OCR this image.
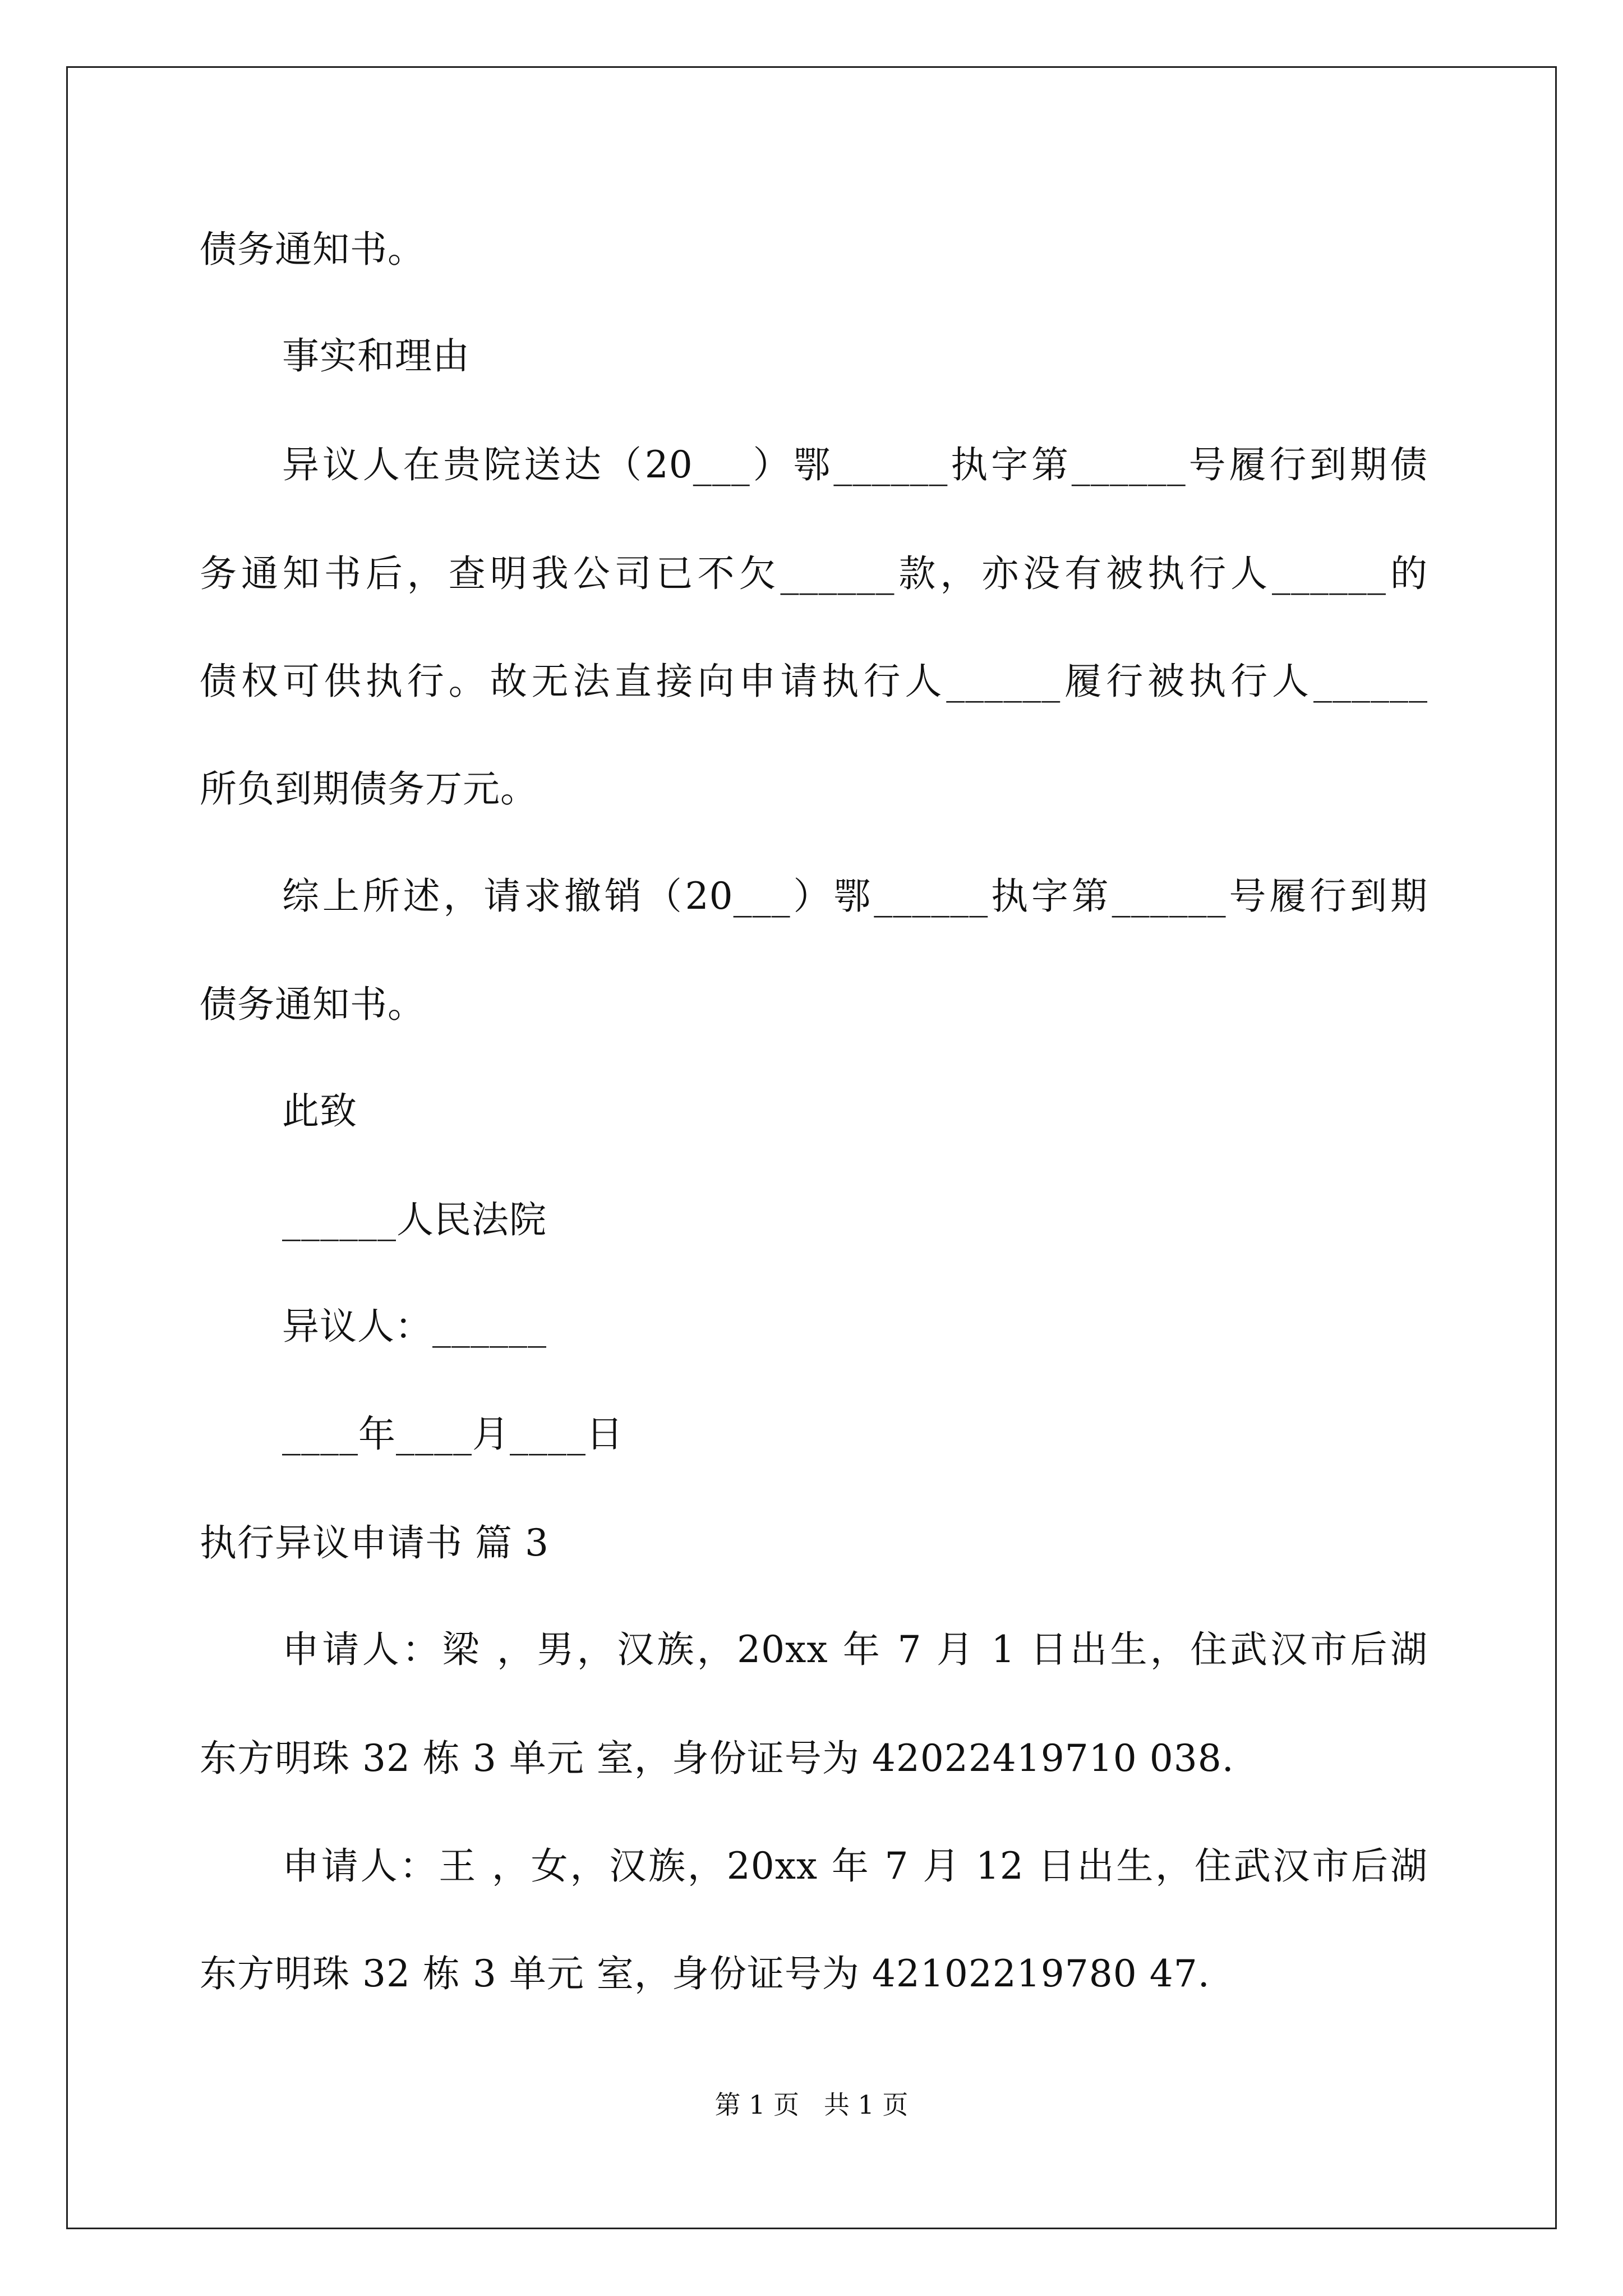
债务通知书。
事实和理由
异议人在贵院送达（20___）鄂______执字第______号履行到期债
务通知书后，查明我公司已不欠______款，亦没有被执行人______的
债权可供执行。故无法直接向申请执行人______履行被执行人______
所负到期债务万元。
综上所述，请求撤销（20___）鄂______执字第______号履行到期
债务通知书。
此致
______人民法院
异议人：______
____年____月____日
执行异议申请书 篇 3
申请人：梁 ，男，汉族，20xx 年 7 月 1 日出生，住武汉市后湖
东方明珠 32 栋 3 单元 室，身份证号为 42022419710 038.
申请人：王 ，女，汉族，20xx 年 7 月 12 日出生，住武汉市后湖
东方明珠 32 栋 3 单元 室，身份证号为 42102219780 47.
第 1 页   共 1 页
